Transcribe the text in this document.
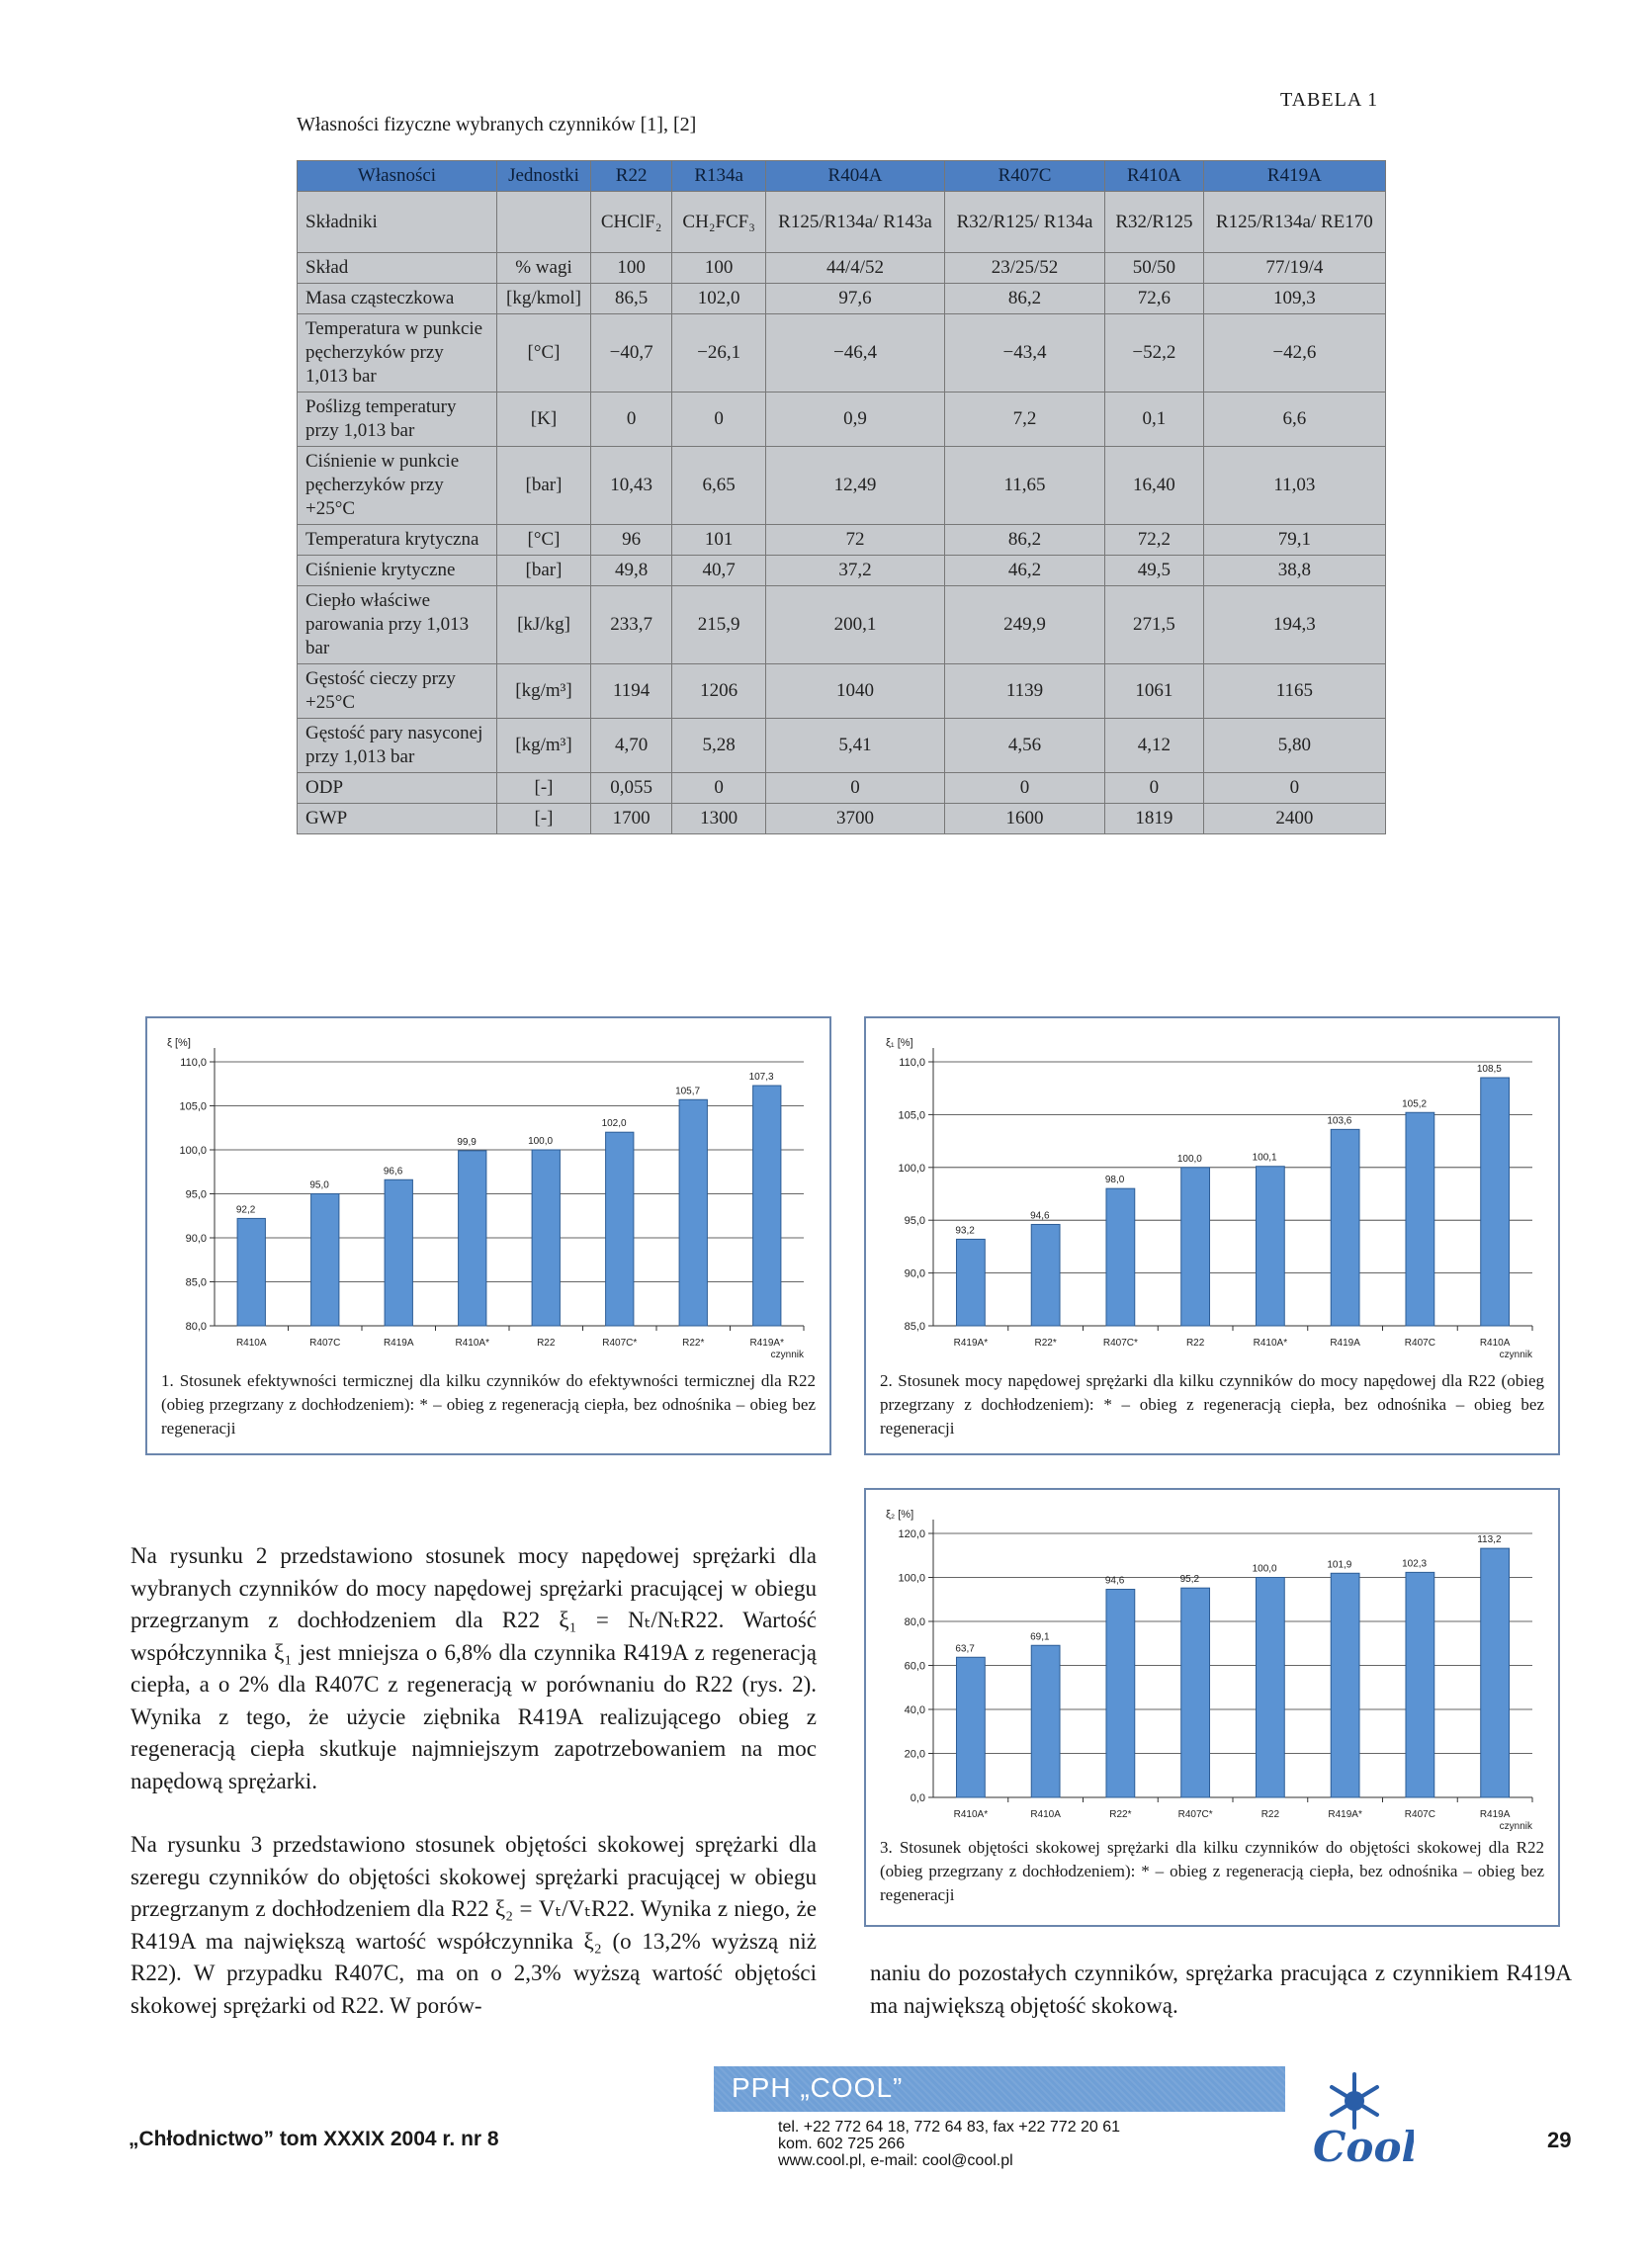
Własności fizyczne wybranych czynników [1], [2]
TABELA 1
Własności	Jednostki	R22	R134a	R404A	R407C	R410A	R419A
Składniki		CHClF₂	CH₂FCF₃	R125/R134a/ R143a	R32/R125/ R134a	R32/R125	R125/R134a/ RE170
Skład	% wagi	100	100	44/4/52	23/25/52	50/50	77/19/4
Masa cząsteczkowa	[kg/kmol]	86,5	102,0	97,6	86,2	72,6	109,3
Temperatura w punkcie pęcherzyków przy 1,013 bar	[°C]	−40,7	−26,1	−46,4	−43,4	−52,2	−42,6
Poślizg temperatury przy 1,013 bar	[K]	0	0	0,9	7,2	0,1	6,6
Ciśnienie w punkcie pęcherzyków przy +25°C	[bar]	10,43	6,65	12,49	11,65	16,40	11,03
Temperatura krytyczna	[°C]	96	101	72	86,2	72,2	79,1
Ciśnienie krytyczne	[bar]	49,8	40,7	37,2	46,2	49,5	38,8
Ciepło właściwe parowania przy 1,013 bar	[kJ/kg]	233,7	215,9	200,1	249,9	271,5	194,3
Gęstość cieczy przy +25°C	[kg/m³]	1194	1206	1040	1139	1061	1165
Gęstość pary nasyconej przy 1,013 bar	[kg/m³]	4,70	5,28	5,41	4,56	4,12	5,80
ODP	[-]	0,055	0	0	0	0	0
GWP	[-]	1700	1300	3700	1600	1819	2400
ξ [%]
80,0
85,0
90,0
95,0
100,0
105,0
110,0
92,2
R410A
95,0
R407C
96,6
R419A
99,9
R410A*
100,0
R22
102,0
R407C*
105,7
R22*
107,3
R419A*
czynnik
1. Stosunek efektywności termicznej dla kilku czynników do efektywności termicznej dla R22 (obieg przegrzany z dochłodzeniem): * – obieg z regeneracją ciepła, bez odnośnika – obieg bez regeneracji
ξ₁ [%]
85,0
90,0
95,0
100,0
105,0
110,0
93,2
R419A*
94,6
R22*
98,0
R407C*
100,0
R22
100,1
R410A*
103,6
R419A
105,2
R407C
108,5
R410A
czynnik
2. Stosunek mocy napędowej sprężarki dla kilku czynników do mocy napędowej dla R22 (obieg przegrzany z dochłodzeniem): * – obieg z regeneracją ciepła, bez odnośnika – obieg bez regeneracji
ξ₂ [%]
0,0
20,0
40,0
60,0
80,0
100,0
120,0
63,7
R410A*
69,1
R410A
94,6
R22*
95,2
R407C*
100,0
R22
101,9
R419A*
102,3
R407C
113,2
R419A
czynnik
3. Stosunek objętości skokowej sprężarki dla kilku czynników do objętości skokowej dla R22 (obieg przegrzany z dochłodzeniem): * – obieg z regeneracją ciepła, bez odnośnika – obieg bez regeneracji
Na rysunku 2 przedstawiono stosunek mocy napędowej sprężarki dla wybranych czynników do mocy napędowej sprężarki pracującej w obiegu przegrzanym z dochłodzeniem dla R22 ξ₁ = Nₜ/NₜR22. Wartość współczynnika ξ₁ jest mniejsza o 6,8% dla czynnika R419A z regeneracją ciepła, a o 2% dla R407C z regeneracją w porównaniu do R22 (rys. 2). Wynika z tego, że użycie ziębnika R419A realizującego obieg z regeneracją ciepła skutkuje najmniejszym zapotrzebowaniem na moc napędową sprężarki.
Na rysunku 3 przedstawiono stosunek objętości skokowej sprężarki dla szeregu czynników do objętości skokowej sprężarki pracującej w obiegu przegrzanym z dochłodzeniem dla R22 ξ₂ = Vₜ/VₜR22. Wynika z niego, że R419A ma największą wartość współczynnika ξ₂ (o 13,2% wyższą niż R22). W przypadku R407C, ma on o 2,3% wyższą wartość objętości skokowej sprężarki od R22. W porów-
naniu do pozostałych czynników, sprężarka pracująca z czynnikiem R419A ma największą objętość skokową.
PPH „COOL”
tel. +22 772 64 18, 772 64 83, fax +22 772 20 61
kom. 602 725 266
www.cool.pl, e-mail: cool@cool.pl	Cool
„Chłodnictwo” tom XXXIX 2004 r. nr 8	29
